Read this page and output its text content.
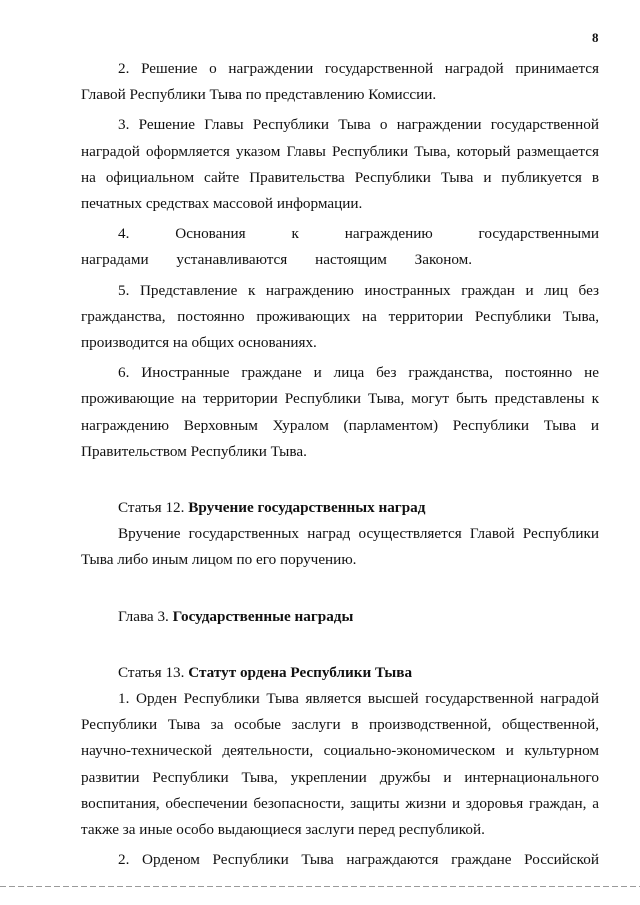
8

2. Решение о награждении государственной наградой принимается Главой Республики Тыва по представлению Комиссии.

3. Решение Главы Республики Тыва о награждении государственной наградой оформляется указом Главы Республики Тыва, который размещается на официальном сайте Правительства Республики Тыва и публикуется в печатных средствах массовой информации.

4. Основания к награждению государственными наградами устанавливаются настоящим Законом.

5. Представление к награждению иностранных граждан и лиц без гражданства, постоянно проживающих на территории Республики Тыва, производится на общих основаниях.

6. Иностранные граждане и лица без гражданства, постоянно не проживающие на территории Республики Тыва, могут быть представлены к награждению Верховным Хуралом (парламентом) Республики Тыва и Правительством Республики Тыва.

Статья 12. Вручение государственных наград

Вручение государственных наград осуществляется Главой Республики Тыва либо иным лицом по его поручению.

Глава 3. Государственные награды

Статья 13. Статут ордена Республики Тыва

1. Орден Республики Тыва является высшей государственной наградой Республики Тыва за особые заслуги в производственной, общественной, научно-технической деятельности, социально-экономическом и культурном развитии Республики Тыва, укреплении дружбы и интернационального воспитания, обеспечении безопасности, защиты жизни и здоровья граждан, а также за иные особо выдающиеся заслуги перед республикой.

2. Орденом Республики Тыва награждаются граждане Российской
